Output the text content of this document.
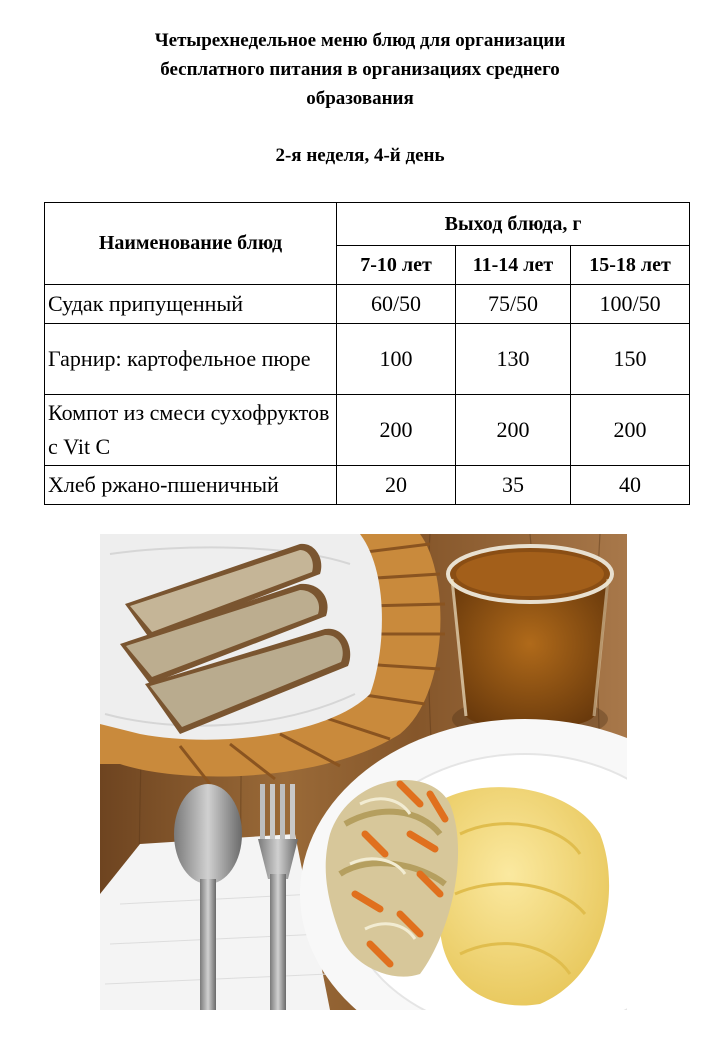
Четырехнедельное меню блюд для организации
бесплатного питания в организациях среднего
образования
2-я неделя, 4-й день
Наименование блюд	Выход блюда, г		
	7-10 лет	11-14 лет	15-18 лет
Судак припущенный	60/50	75/50	100/50
Гарнир: картофельное пюре	100	130	150
Компот из смеси сухофруктов с Vit C	200	200	200
Хлеб ржано-пшеничный	20	35	40
